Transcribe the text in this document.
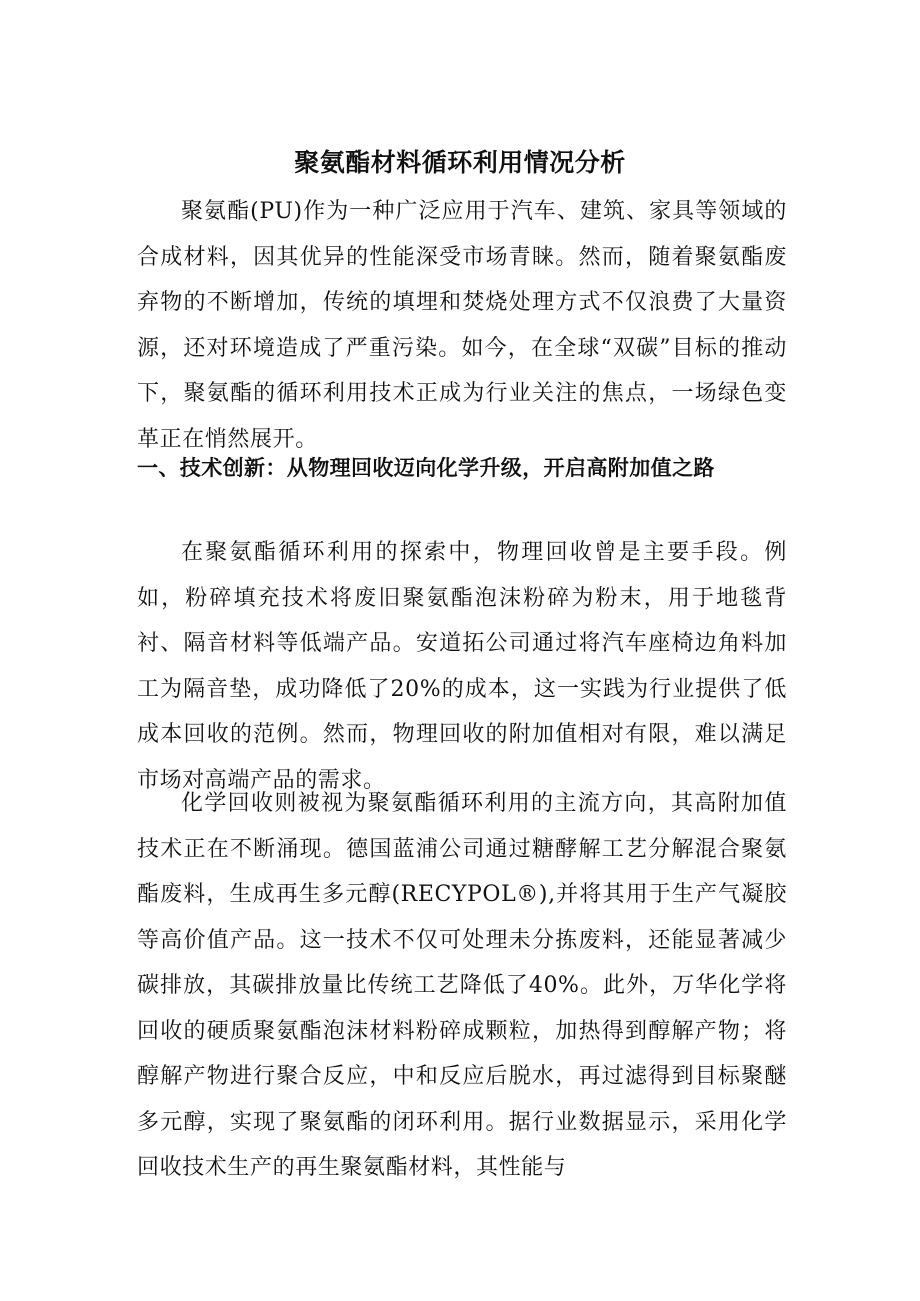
聚氨酯材料循环利用情况分析

聚氨酯(PU)作为一种广泛应用于汽车、建筑、家具等领域的合成材料，因其优异的性能深受市场青睐。然而，随着聚氨酯废弃物的不断增加，传统的填埋和焚烧处理方式不仅浪费了大量资源，还对环境造成了严重污染。如今，在全球“双碳”目标的推动下，聚氨酯的循环利用技术正成为行业关注的焦点，一场绿色变革正在悄然展开。

一、技术创新：从物理回收迈向化学升级，开启高附加值之路

在聚氨酯循环利用的探索中，物理回收曾是主要手段。例如，粉碎填充技术将废旧聚氨酯泡沫粉碎为粉末，用于地毯背衬、隔音材料等低端产品。安道拓公司通过将汽车座椅边角料加工为隔音垫，成功降低了20%的成本，这一实践为行业提供了低成本回收的范例。然而，物理回收的附加值相对有限，难以满足市场对高端产品的需求。

化学回收则被视为聚氨酯循环利用的主流方向，其高附加值技术正在不断涌现。德国蓝浦公司通过糖酵解工艺分解混合聚氨酯废料，生成再生多元醇(RECYPOL®),并将其用于生产气凝胶等高价值产品。这一技术不仅可处理未分拣废料，还能显著减少碳排放，其碳排放量比传统工艺降低了40%。此外，万华化学将回收的硬质聚氨酯泡沫材料粉碎成颗粒，加热得到醇解产物；将醇解产物进行聚合反应，中和反应后脱水，再过滤得到目标聚醚多元醇，实现了聚氨酯的闭环利用。据行业数据显示，采用化学回收技术生产的再生聚氨酯材料，其性能与
